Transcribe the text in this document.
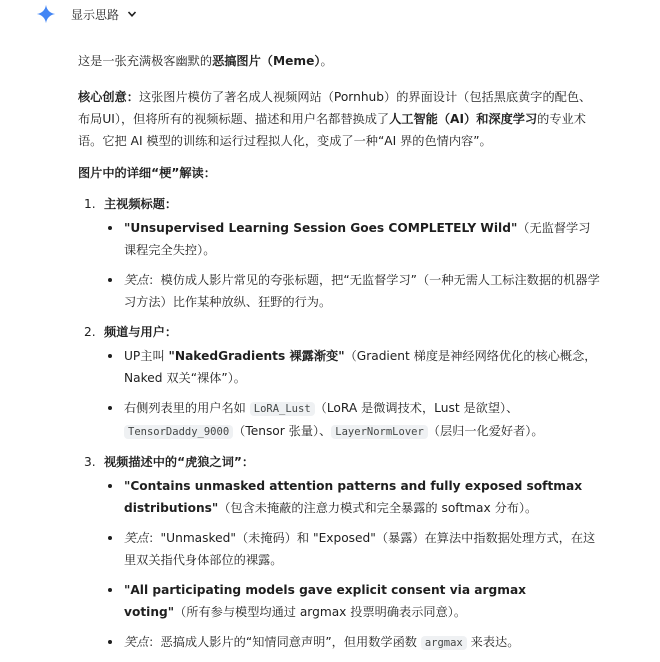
显示思路

这是一张充满极客幽默的恶搞图片（Meme）。

核心创意：这张图片模仿了著名成人视频网站（Pornhub）的界面设计（包括黑底黄字的配色、布局UI），但将所有的视频标题、描述和用户名都替换成了人工智能（AI）和深度学习的专业术语。它把 AI 模型的训练和运行过程拟人化，变成了一种“AI 界的色情内容”。

图片中的详细“梗”解读：

1. 主视频标题：
"Unsupervised Learning Session Goes COMPLETELY Wild"（无监督学习课程完全失控）。
笑点：模仿成人影片常见的夸张标题，把“无监督学习”（一种无需人工标注数据的机器学习方法）比作某种放纵、狂野的行为。
2. 频道与用户：
UP主叫 "NakedGradients 裸露渐变"（Gradient 梯度是神经网络优化的核心概念，Naked 双关“裸体”）。
右侧列表里的用户名如 LoRA_Lust （LoRA 是微调技术，Lust 是欲望）、TensorDaddy_9000 （Tensor 张量）、 LayerNormLover （层归一化爱好者）。
3. 视频描述中的“虎狼之词”：
"Contains unmasked attention patterns and fully exposed softmax distributions"（包含未掩蔽的注意力模式和完全暴露的 softmax 分布）。
笑点："Unmasked"（未掩码）和 "Exposed"（暴露）在算法中指数据处理方式，在这里双关指代身体部位的裸露。
"All participating models gave explicit consent via argmax voting"（所有参与模型均通过 argmax 投票明确表示同意）。
笑点：恶搞成人影片的“知情同意声明”，但用数学函数 argmax 来表达。
